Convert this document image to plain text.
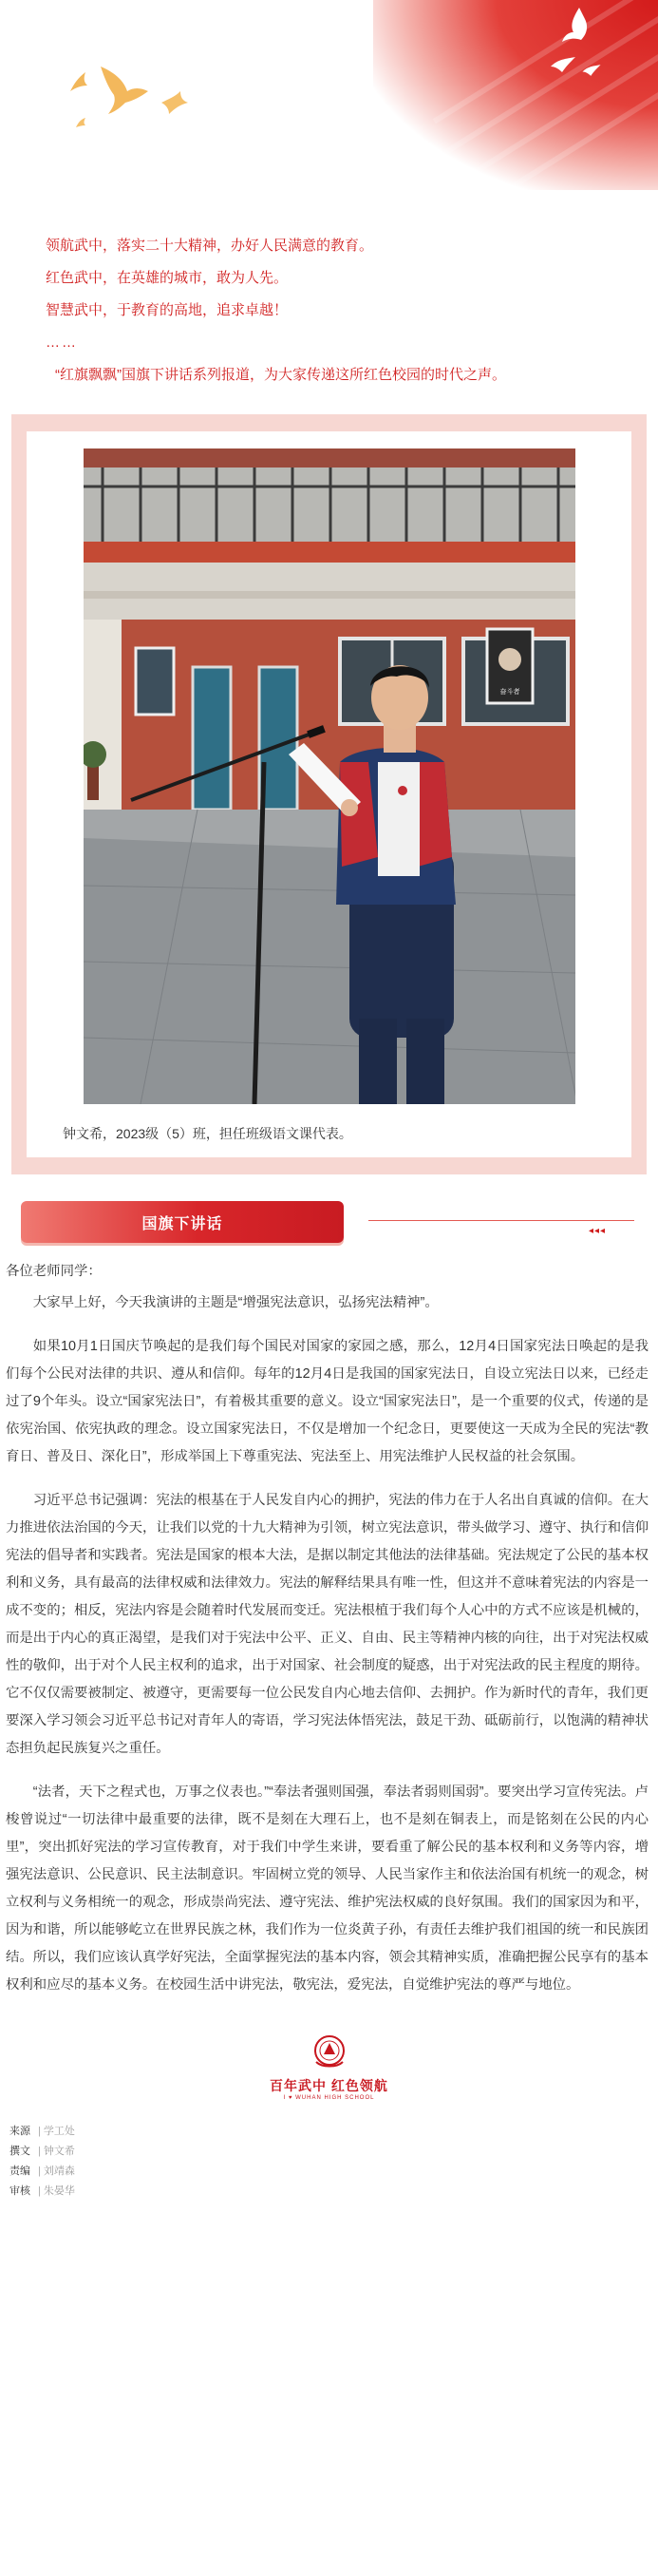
领航武中，落实二十大精神，办好人民满意的教育。
红色武中，在英雄的城市，敢为人先。
智慧武中，于教育的高地，追求卓越！
……
“红旗飘飘”国旗下讲话系列报道，为大家传递这所红色校园的时代之声。
奋斗者
钟文希，2023级（5）班，担任班级语文课代表。
国旗下讲话	◂◂◂
各位老师同学：

大家早上好，今天我演讲的主题是“增强宪法意识，弘扬宪法精神”。

如果10月1日国庆节唤起的是我们每个国民对国家的家园之感，那么，12月4日国家宪法日唤起的是我们每个公民对法律的共识、遵从和信仰。每年的12月4日是我国的国家宪法日，自设立宪法日以来，已经走过了9个年头。设立“国家宪法日”，有着极其重要的意义。设立“国家宪法日”，是一个重要的仪式，传递的是依宪治国、依宪执政的理念。设立国家宪法日，不仅是增加一个纪念日，更要使这一天成为全民的宪法“教育日、普及日、深化日”，形成举国上下尊重宪法、宪法至上、用宪法维护人民权益的社会氛围。

习近平总书记强调：宪法的根基在于人民发自内心的拥护，宪法的伟力在于人名出自真诚的信仰。在大力推进依法治国的今天，让我们以党的十九大精神为引领，树立宪法意识，带头做学习、遵守、执行和信仰宪法的倡导者和实践者。宪法是国家的根本大法，是据以制定其他法的法律基础。宪法规定了公民的基本权利和义务，具有最高的法律权威和法律效力。宪法的解释结果具有唯一性，但这并不意味着宪法的内容是一成不变的；相反，宪法内容是会随着时代发展而变迁。宪法根植于我们每个人心中的方式不应该是机械的，而是出于内心的真正渴望，是我们对于宪法中公平、正义、自由、民主等精神内核的向往，出于对宪法权威性的敬仰，出于对个人民主权利的追求，出于对国家、社会制度的疑惑，出于对宪法政的民主程度的期待。它不仅仅需要被制定、被遵守，更需要每一位公民发自内心地去信仰、去拥护。作为新时代的青年，我们更要深入学习领会习近平总书记对青年人的寄语，学习宪法体悟宪法，鼓足干劲、砥砺前行，以饱满的精神状态担负起民族复兴之重任。

“法者，天下之程式也，万事之仪表也。”“奉法者强则国强，奉法者弱则国弱”。要突出学习宣传宪法。卢梭曾说过“一切法律中最重要的法律，既不是刻在大理石上，也不是刻在铜表上，而是铭刻在公民的内心里”，突出抓好宪法的学习宣传教育，对于我们中学生来讲，要看重了解公民的基本权利和义务等内容，增强宪法意识、公民意识、民主法制意识。牢固树立党的领导、人民当家作主和依法治国有机统一的观念，树立权利与义务相统一的观念，形成崇尚宪法、遵守宪法、维护宪法权威的良好氛围。我们的国家因为和平，因为和谐，所以能够屹立在世界民族之林，我们作为一位炎黄子孙，有责任去维护我们祖国的统一和民族团结。所以，我们应该认真学好宪法，全面掌握宪法的基本内容，领会其精神实质，准确把握公民享有的基本权利和应尽的基本义务。在校园生活中讲宪法，敬宪法，爱宪法，自觉维护宪法的尊严与地位。

百年武中 红色领航
I ♥ WUHAN HIGH SCHOOL
来源 | 学工处
撰文 | 钟文希
责编 | 刘靖森
审核 | 朱晏华
